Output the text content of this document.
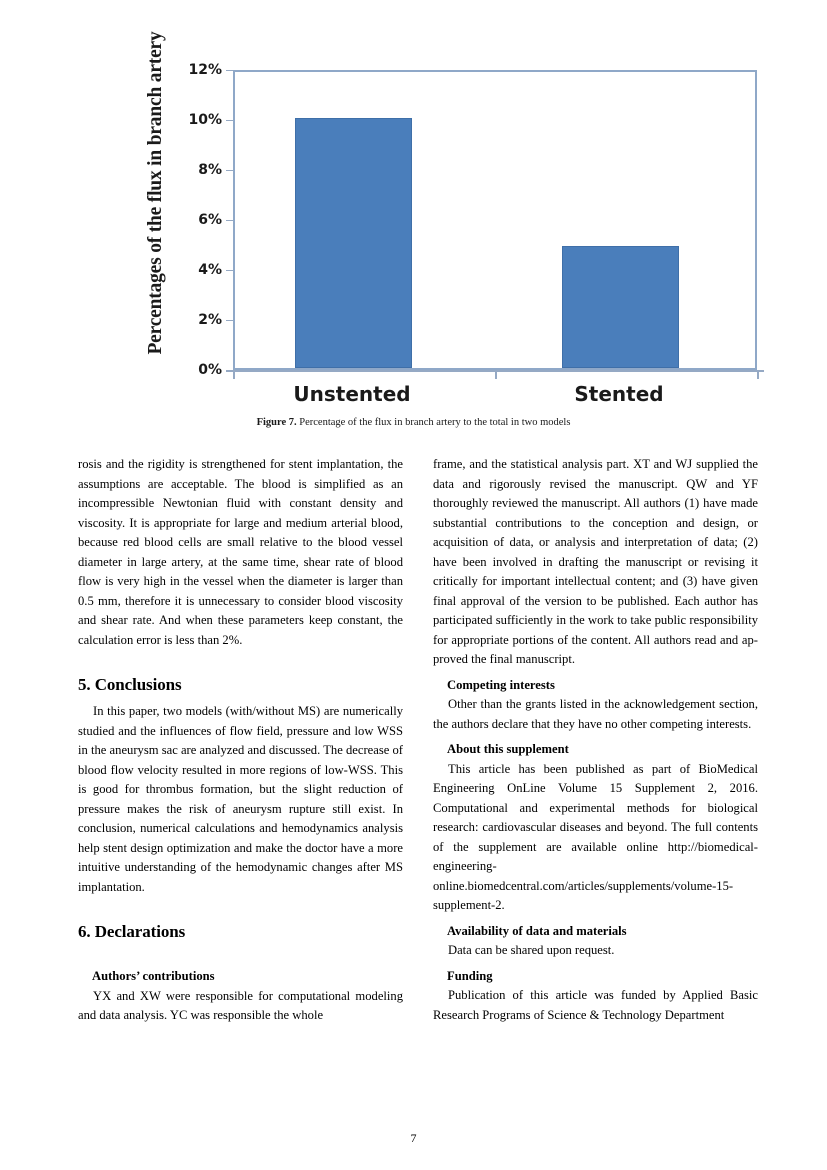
Percentages of the flux in branch artery
0%
2%
4%
6%
8%
10%
12%
Unstented	Stented
Figure 7. Percentage of the flux in branch artery to the total in two models

rosis and the rigidity is strengthened for stent implantation, the assumptions are acceptable. The blood is simplified as an incompressible Newtonian fluid with constant density and viscosity. It is appropriate for large and medium arterial blood, because red blood cells are small relative to the blood vessel diameter in large artery, at the same time, shear rate of blood flow is very high in the vessel when the diameter is larger than 0.5 mm, therefore it is unnecessary to consider blood viscosity and shear rate. And when these parameters keep constant, the calculation error is less than 2%.

5. Conclusions

In this paper, two models (with/without MS) are numerically studied and the influences of flow field, pressure and low WSS in the aneurysm sac are analyzed and discussed. The decrease of blood flow velocity resulted in more regions of low-WSS. This is good for thrombus formation, but the slight reduction of pressure makes the risk of aneurysm rupture still exist. In conclusion, numerical calculations and hemodynamics analysis help stent design optimization and make the doctor have a more intuitive understanding of the hemodynamic changes after MS implantation.

6. Declarations
Authors’ contributions

YX and XW were responsible for computational modeling and data analysis. YC was responsible the whole

frame, and the statistical analysis part. XT and WJ supplied the data and rigorously revised the manuscript. QW and YF thoroughly reviewed the manuscript. All authors (1) have made substantial contributions to the conception and design, or acquisition of data, or analysis and interpretation of data; (2) have been involved in drafting the manuscript or revising it critically for important intellectual content; and (3) have given final approval of the version to be published. Each author has participated sufficiently in the work to take public responsibility for appropriate portions of the content. All authors read and approved the final manuscript.

Competing interests

Other than the grants listed in the acknowledgement section, the authors declare that they have no other competing interests.

About this supplement

This article has been published as part of BioMedical Engineering OnLine Volume 15 Supplement 2, 2016. Computational and experimental methods for biological research: cardiovascular diseases and beyond. The full contents of the supplement are available online http://biomedical-engineering-online.biomedcentral.com/articles/supplements/volume-15-supplement-2.

Availability of data and materials

Data can be shared upon request.

Funding

Publication of this article was funded by Applied Basic Research Programs of Science & Technology Department

7
